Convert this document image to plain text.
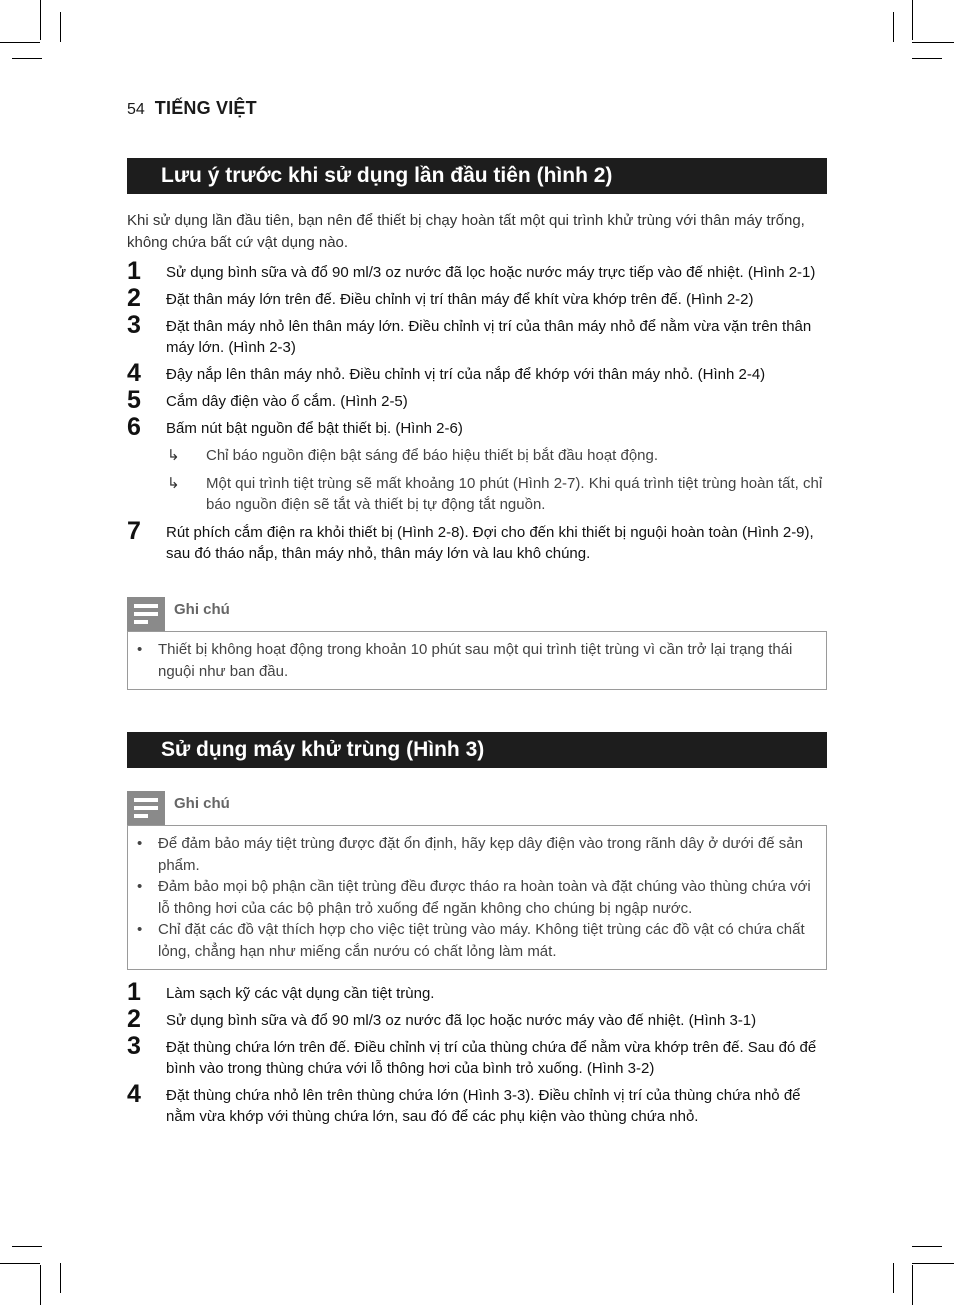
54 TIẾNG VIỆT
Lưu ý trước khi sử dụng lần đầu tiên (hình 2)
Khi sử dụng lần đầu tiên, bạn nên để thiết bị chạy hoàn tất một qui trình khử trùng với thân máy trống, không chứa bất cứ vật dụng nào.
1	Sử dụng bình sữa và đổ 90 ml/3 oz nước đã lọc hoặc nước máy trực tiếp vào đế nhiệt. (Hình 2-1)
2	Đặt thân máy lớn trên đế. Điều chỉnh vị trí thân máy để khít vừa khớp trên đế. (Hình 2-2)
3	Đặt thân máy nhỏ lên thân máy lớn. Điều chỉnh vị trí của thân máy nhỏ để nằm vừa vặn trên thân máy lớn. (Hình 2-3)
4	Đậy nắp lên thân máy nhỏ. Điều chỉnh vị trí của nắp để khớp với thân máy nhỏ. (Hình 2-4)
5	Cắm dây điện vào ổ cắm. (Hình 2-5)
6	Bấm nút bật nguồn để bật thiết bị. (Hình 2-6)
↳ Chỉ báo nguồn điện bật sáng để báo hiệu thiết bị bắt đầu hoạt động.
↳ Một qui trình tiệt trùng sẽ mất khoảng 10 phút (Hình 2-7). Khi quá trình tiệt trùng hoàn tất, chỉ báo nguồn điện sẽ tắt và thiết bị tự động tắt nguồn.
7	Rút phích cắm điện ra khỏi thiết bị (Hình 2-8). Đợi cho đến khi thiết bị nguội hoàn toàn (Hình 2-9), sau đó tháo nắp, thân máy nhỏ, thân máy lớn và lau khô chúng.
Ghi chú
• Thiết bị không hoạt động trong khoản 10 phút sau một qui trình tiệt trùng vì cần trở lại trạng thái nguội như ban đầu.
Sử dụng máy khử trùng (Hình 3)
Ghi chú
• Để đảm bảo máy tiệt trùng được đặt ổn định, hãy kẹp dây điện vào trong rãnh dây ở dưới đế sản phẩm.
• Đảm bảo mọi bộ phận cần tiệt trùng đều được tháo ra hoàn toàn và đặt chúng vào thùng chứa với lỗ thông hơi của các bộ phận trỏ xuống để ngăn không cho chúng bị ngập nước.
• Chỉ đặt các đồ vật thích hợp cho việc tiệt trùng vào máy. Không tiệt trùng các đồ vật có chứa chất lỏng, chẳng hạn như miếng cắn nướu có chất lỏng làm mát.
1	Làm sạch kỹ các vật dụng cần tiệt trùng.
2	Sử dụng bình sữa và đổ 90 ml/3 oz nước đã lọc hoặc nước máy vào đế nhiệt. (Hình 3-1)
3	Đặt thùng chứa lớn trên đế. Điều chỉnh vị trí của thùng chứa để nằm vừa khớp trên đế. Sau đó để bình vào trong thùng chứa với lỗ thông hơi của bình trỏ xuống. (Hình 3-2)
4	Đặt thùng chứa nhỏ lên trên thùng chứa lớn (Hình 3-3). Điều chỉnh vị trí của thùng chứa nhỏ để nằm vừa khớp với thùng chứa lớn, sau đó để các phụ kiện vào thùng chứa nhỏ.
